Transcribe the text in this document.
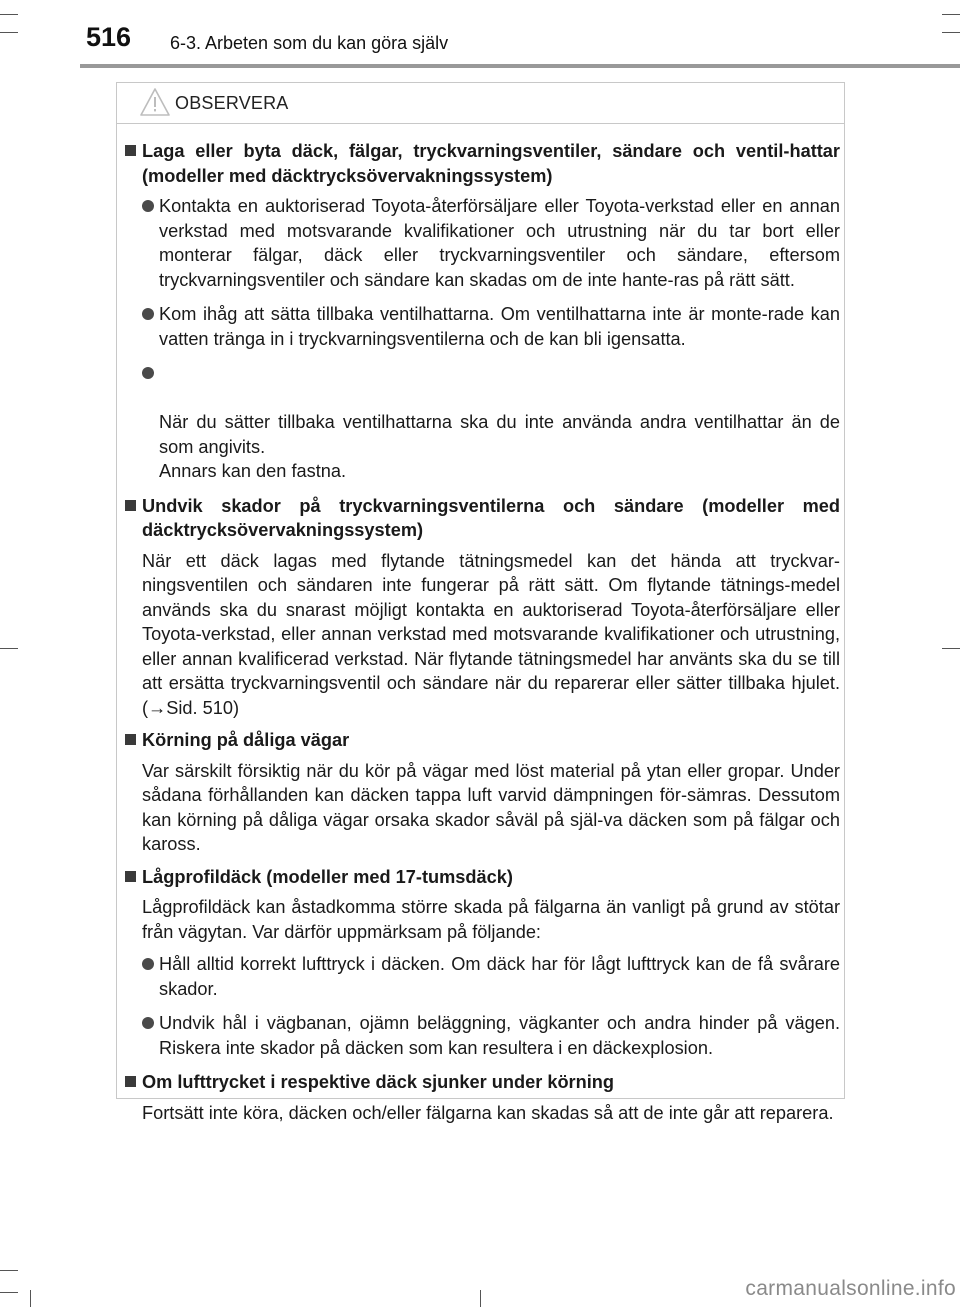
516 6-3. Arbeten som du kan göra själv
OBSERVERA
Laga eller byta däck, fälgar, tryckvarningsventiler, sändare och ventil-hattar (modeller med däcktrycksövervakningssystem)
Kontakta en auktoriserad Toyota-återförsäljare eller Toyota-verkstad eller en annan verkstad med motsvarande kvalifikationer och utrustning när du tar bort eller monterar fälgar, däck eller tryckvarningsventiler och sändare, eftersom tryckvarningsventiler och sändare kan skadas om de inte hante-ras på rätt sätt.
Kom ihåg att sätta tillbaka ventilhattarna. Om ventilhattarna inte är monte-rade kan vatten tränga in i tryckvarningsventilerna och de kan bli igensatta.

När du sätter tillbaka ventilhattarna ska du inte använda andra ventilhattar än de som angivits.
Annars kan den fastna.

Undvik skador på tryckvarningsventilerna och sändare (modeller med däcktrycksövervakningssystem)
När ett däck lagas med flytande tätningsmedel kan det hända att tryckvar-ningsventilen och sändaren inte fungerar på rätt sätt. Om flytande tätnings-medel används ska du snarast möjligt kontakta en auktoriserad Toyota-återförsäljare eller Toyota-verkstad, eller annan verkstad med motsvarande kvalifikationer och utrustning, eller annan kvalificerad verkstad. När flytande tätningsmedel har använts ska du se till att ersätta tryckvarningsventil och sändare när du reparerar eller sätter tillbaka hjulet. (→Sid. 510)
Körning på dåliga vägar
Var särskilt försiktig när du kör på vägar med löst material på ytan eller gropar. Under sådana förhållanden kan däcken tappa luft varvid dämpningen för-sämras. Dessutom kan körning på dåliga vägar orsaka skador såväl på själ-va däcken som på fälgar och kaross.
Lågprofildäck (modeller med 17-tumsdäck)
Lågprofildäck kan åstadkomma större skada på fälgarna än vanligt på grund av stötar från vägytan. Var därför uppmärksam på följande:
Håll alltid korrekt lufttryck i däcken. Om däck har för lågt lufttryck kan de få svårare skador.
Undvik hål i vägbanan, ojämn beläggning, vägkanter och andra hinder på vägen. Riskera inte skador på däcken som kan resultera i en däckexplosion.
Om lufttrycket i respektive däck sjunker under körning
Fortsätt inte köra, däcken och/eller fälgarna kan skadas så att de inte går att reparera.
carmanualsonline.info
